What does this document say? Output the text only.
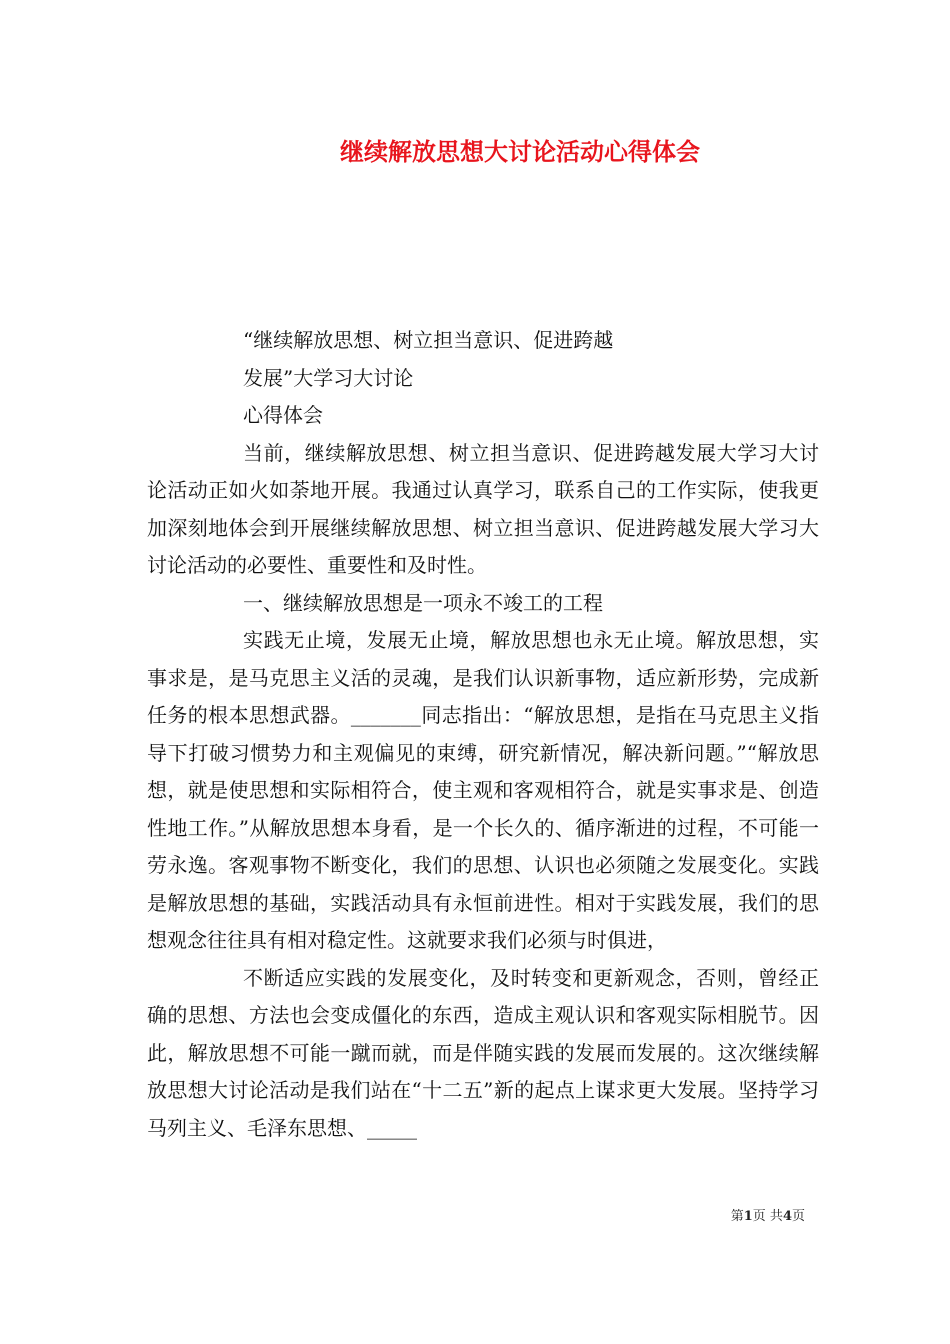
继续解放思想大讨论活动心得体会

“继续解放思想、树立担当意识、促进跨越

发展”大学习大讨论

心得体会

当前，继续解放思想、树立担当意识、促进跨越发展大学习大讨论活动正如火如荼地开展。我通过认真学习，联系自己的工作实际，使我更加深刻地体会到开展继续解放思想、树立担当意识、促进跨越发展大学习大讨论活动的必要性、重要性和及时性。

一、继续解放思想是一项永不竣工的工程

实践无止境，发展无止境，解放思想也永无止境。解放思想，实事求是，是马克思主义活的灵魂，是我们认识新事物，适应新形势，完成新任务的根本思想武器。_______同志指出：“解放思想，是指在马克思主义指导下打破习惯势力和主观偏见的束缚，研究新情况，解决新问题。”“解放思想，就是使思想和实际相符合，使主观和客观相符合，就是实事求是、创造性地工作。”从解放思想本身看，是一个长久的、循序渐进的过程，不可能一劳永逸。客观事物不断变化，我们的思想、认识也必须随之发展变化。实践是解放思想的基础，实践活动具有永恒前进性。相对于实践发展，我们的思想观念往往具有相对稳定性。这就要求我们必须与时俱进，

不断适应实践的发展变化，及时转变和更新观念，否则，曾经正确的思想、方法也会变成僵化的东西，造成主观认识和客观实际相脱节。因此，解放思想不可能一蹴而就，而是伴随实践的发展而发展的。这次继续解放思想大讨论活动是我们站在“十二五”新的起点上谋求更大发展。坚持学习马列主义、毛泽东思想、_____

第1页 共4页
